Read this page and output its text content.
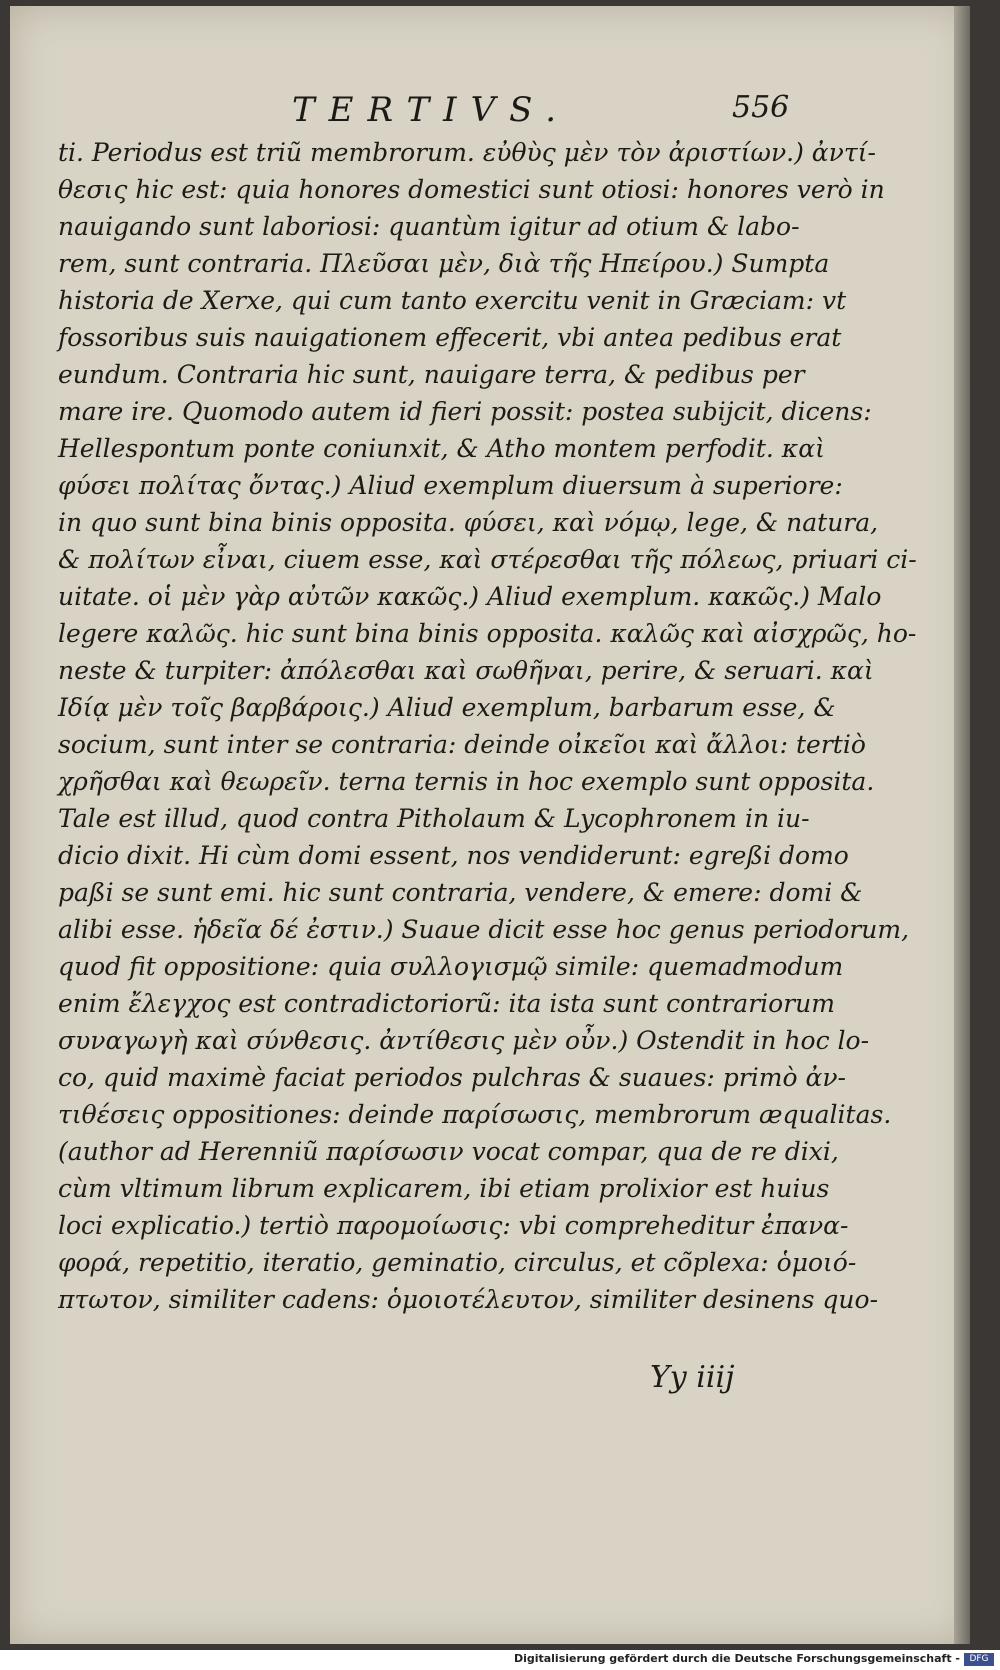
TERTIVS.	556
ti. Periodus est triũ membrorum. εὐθὺς μὲν τὸν ἀριστίων.) ἀντί-
θεσις hic est: quia honores domestici sunt otiosi: honores verò in
nauigando sunt laboriosi: quantùm igitur ad otium & labo-
rem, sunt contraria. Πλεῦσαι μὲν, διὰ τῆς Ηπείρου.) Sumpta
historia de Xerxe, qui cum tanto exercitu venit in Græciam: vt
fossoribus suis nauigationem effecerit, vbi antea pedibus erat
eundum. Contraria hic sunt, nauigare terra, & pedibus per
mare ire. Quomodo autem id fieri possit: postea subijcit, dicens:
Hellespontum ponte coniunxit, & Atho montem perfodit. καὶ
φύσει πολίτας ὄντας.) Aliud exemplum diuersum à superiore:
in quo sunt bina binis opposita. φύσει, καὶ νόμῳ, lege, & natura,
& πολίτων εἶναι, ciuem esse, καὶ στέρεσθαι τῆς πόλεως, priuari ci-
uitate. οἱ μὲν γὰρ αὐτῶν κακῶς.) Aliud exemplum. κακῶς.) Malo
legere καλῶς. hic sunt bina binis opposita. καλῶς καὶ αἰσχρῶς, ho-
neste & turpiter: ἀπόλεσθαι καὶ σωθῆναι, perire, & seruari. καὶ
Ιδίᾳ μὲν τοῖς βαρβάροις.) Aliud exemplum, barbarum esse, &
socium, sunt inter se contraria: deinde οἰκεῖοι καὶ ἄλλοι: tertiò
χρῆσθαι καὶ θεωρεῖν. terna ternis in hoc exemplo sunt opposita.
Tale est illud, quod contra Pitholaum & Lycophronem in iu-
dicio dixit. Hi cùm domi essent, nos vendiderunt: egreßi domo
paßi se sunt emi. hic sunt contraria, vendere, & emere: domi &
alibi esse. ἡδεῖα δέ ἐστιν.) Suaue dicit esse hoc genus periodorum,
quod fit oppositione: quia συλλογισμῷ simile: quemadmodum
enim ἔλεγχος est contradictoriorũ: ita ista sunt contrariorum
συναγωγὴ καὶ σύνθεσις. ἀντίθεσις μὲν οὖν.) Ostendit in hoc lo-
co, quid maximè faciat periodos pulchras & suaues: primò ἀν-
τιθέσεις oppositiones: deinde παρίσωσις, membrorum æqualitas.
(author ad Herenniũ παρίσωσιν vocat compar, qua de re dixi,
cùm vltimum librum explicarem, ibi etiam prolixior est huius
loci explicatio.) tertiò παρομοίωσις: vbi compreheditur ἐπανα-
φορά, repetitio, iteratio, geminatio, circulus, et cõplexa: ὁμοιό-
πτωτον, similiter cadens: ὁμοιοτέλευτον, similiter desinens quo-
Yy iiij
Digitalisierung gefördert durch die Deutsche Forschungsgemeinschaft -	DFG
